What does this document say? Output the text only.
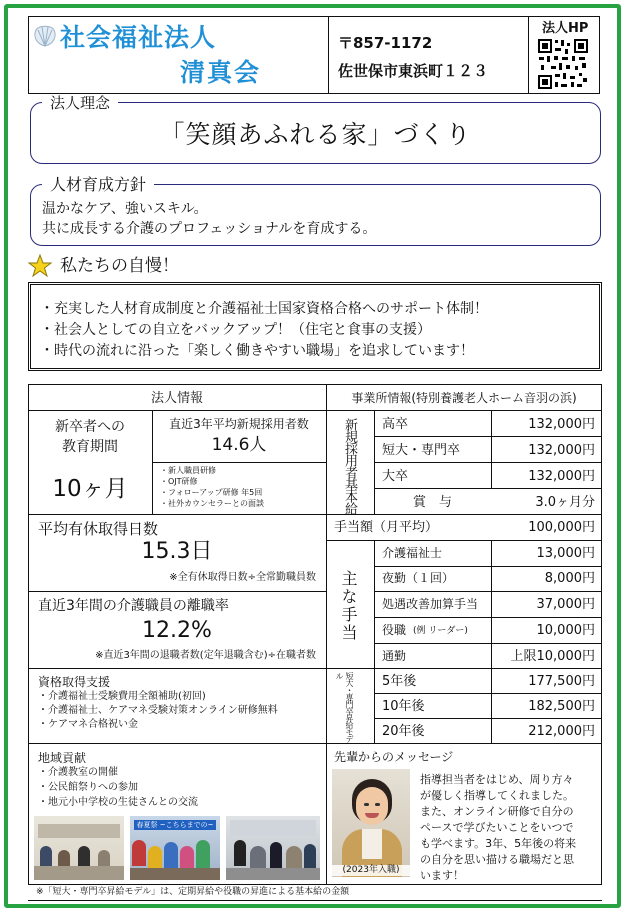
社会福祉法人
清真会
〒857-1172
佐世保市東浜町１２３
法人HP
法人理念
「笑顔あふれる家」づくり
人材育成方針
温かなケア、強いスキル。
共に成長する介護のプロフェッショナルを育成する。
私たちの自慢！
・充実した人材育成制度と介護福祉士国家資格合格へのサポート体制！
・社会人としての自立をバックアップ！（住宅と食事の支援）
・時代の流れに沿った「楽しく働きやすい職場」を追求しています！
法人情報	事業所情報(特別養護老人ホーム音羽の浜)
新卒者への
教育期間
10ヶ月
直近3年平均新規採用者数
14.6人
・新人職員研修
・OJT研修
・フォローアップ研修 年5回
・社外カウンセラーとの面談
平均有休取得日数
15.3日
※全有休取得日数÷全常勤職員数
直近3年間の介護職員の離職率
12.2%
※直近3年間の退職者数(定年退職含む)÷在職者数
資格取得支援
・介護福祉士受験費用全額補助(初回)
・介護福祉士、ケアマネ受験対策オンライン研修無料
・ケアマネ合格祝い金
地域貢献
・介護教室の開催
・公民館祭りへの参加
・地元小中学校の生徒さんとの交流
春夏祭 ~こちらまでの~
新規採用者基本給 高卒	132,000円
短大・専門卒	132,000円
大卒	132,000円
賞　与	3.0ヶ月分
手当額（月平均）	100,000円
主な手当
介護福祉士	13,000円
夜勤（１回）	8,000円
処遇改善加算手当	37,000円
役職 (例 リーダー)	10,000円
通勤	上限10,000円
短大・専門卒昇給モデル	5年後	177,500円
10年後	182,500円
20年後	212,000円
先輩からのメッセージ
(2023年入職)
指導担当者をはじめ、周り方々
が優しく指導してくれました。
また、オンライン研修で自分の
ペースで学びたいことをいつで
も学べます。3年、5年後の将来
の自分を思い描ける職場だと思
います！
※「短大・専門卒昇給モデル」は、定期昇給や役職の昇進による基本給の金額
